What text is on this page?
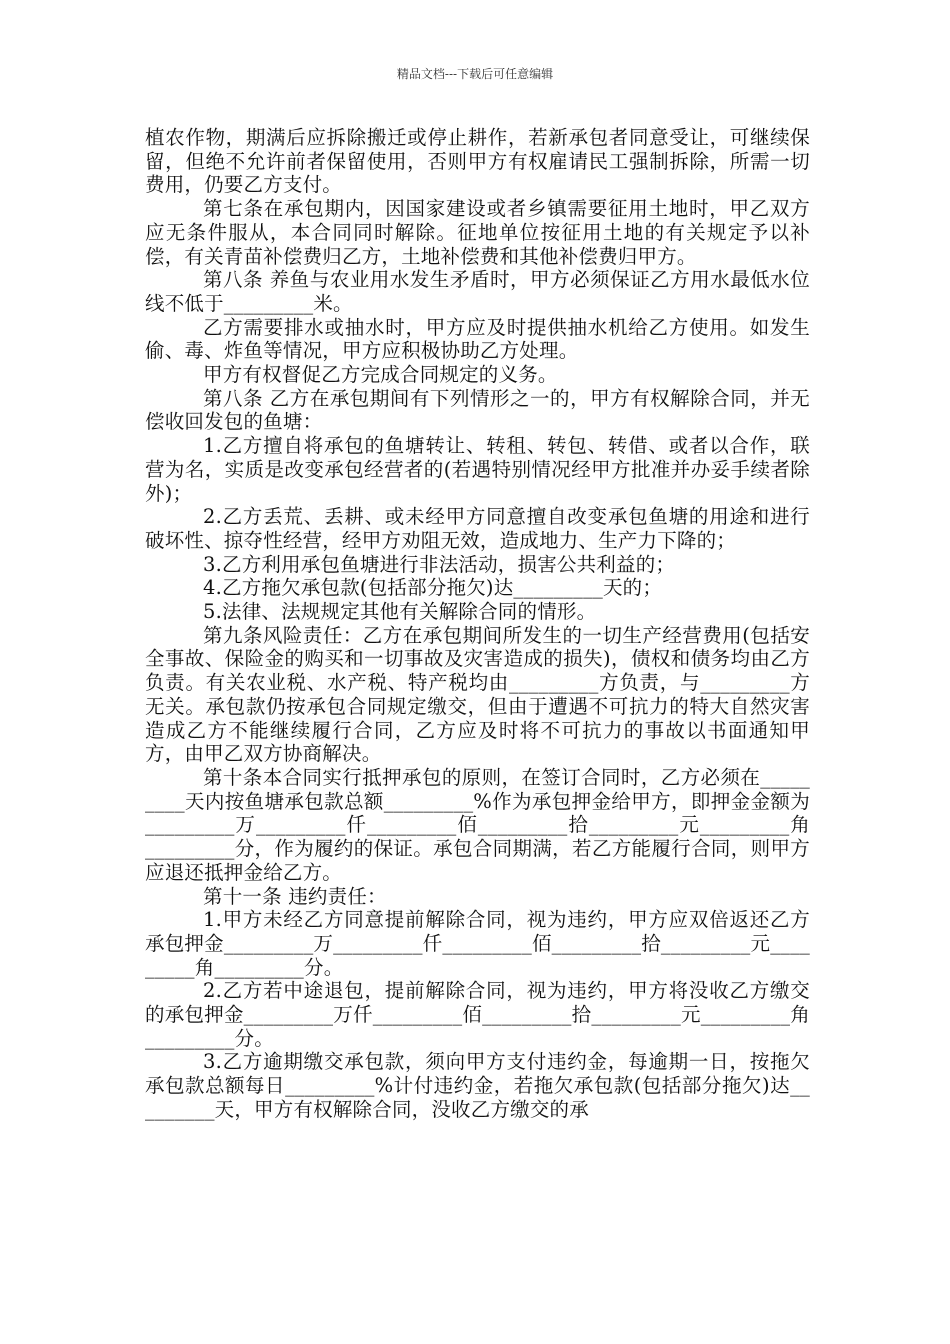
精品文档---下载后可任意编辑

植农作物，期满后应拆除搬迁或停止耕作，若新承包者同意受让，可继续保留，但绝不允许前者保留使用，否则甲方有权雇请民工强制拆除，所需一切费用，仍要乙方支付。

第七条在承包期内，因国家建设或者乡镇需要征用土地时，甲乙双方应无条件服从，本合同同时解除。征地单位按征用土地的有关规定予以补偿，有关青苗补偿费归乙方，土地补偿费和其他补偿费归甲方。

第八条 养鱼与农业用水发生矛盾时，甲方必须保证乙方用水最低水位线不低于_________米。

乙方需要排水或抽水时，甲方应及时提供抽水机给乙方使用。如发生偷、毒、炸鱼等情况，甲方应积极协助乙方处理。

甲方有权督促乙方完成合同规定的义务。

第八条 乙方在承包期间有下列情形之一的，甲方有权解除合同，并无偿收回发包的鱼塘：

1.乙方擅自将承包的鱼塘转让、转租、转包、转借、或者以合作，联营为名，实质是改变承包经营者的(若遇特别情况经甲方批准并办妥手续者除外)；

2.乙方丢荒、丢耕、或未经甲方同意擅自改变承包鱼塘的用途和进行破坏性、掠夺性经营，经甲方劝阻无效，造成地力、生产力下降的；

3.乙方利用承包鱼塘进行非法活动，损害公共利益的；

4.乙方拖欠承包款(包括部分拖欠)达_________天的；

5.法律、法规规定其他有关解除合同的情形。

第九条风险责任：乙方在承包期间所发生的一切生产经营费用(包括安全事故、保险金的购买和一切事故及灾害造成的损失)，债权和债务均由乙方负责。有关农业税、水产税、特产税均由_________方负责，与_________方无关。承包款仍按承包合同规定缴交，但由于遭遇不可抗力的特大自然灾害造成乙方不能继续履行合同，乙方应及时将不可抗力的事故以书面通知甲方，由甲乙双方协商解决。

第十条本合同实行抵押承包的原则，在签订合同时，乙方必须在_________天内按鱼塘承包款总额_________%作为承包押金给甲方，即押金金额为_________万_________仟_________佰_________拾_________元_________角_________分，作为履约的保证。承包合同期满，若乙方能履行合同，则甲方应退还抵押金给乙方。

第十一条 违约责任：

1.甲方未经乙方同意提前解除合同，视为违约，甲方应双倍返还乙方承包押金_________万_________仟_________佰_________拾_________元_________角_________分。

2.乙方若中途退包，提前解除合同，视为违约，甲方将没收乙方缴交的承包押金_________万仟_________佰_________拾_________元_________角_________分。

3.乙方逾期缴交承包款，须向甲方支付违约金，每逾期一日，按拖欠承包款总额每日_________%计付违约金，若拖欠承包款(包括部分拖欠)达_________天，甲方有权解除合同，没收乙方缴交的承
